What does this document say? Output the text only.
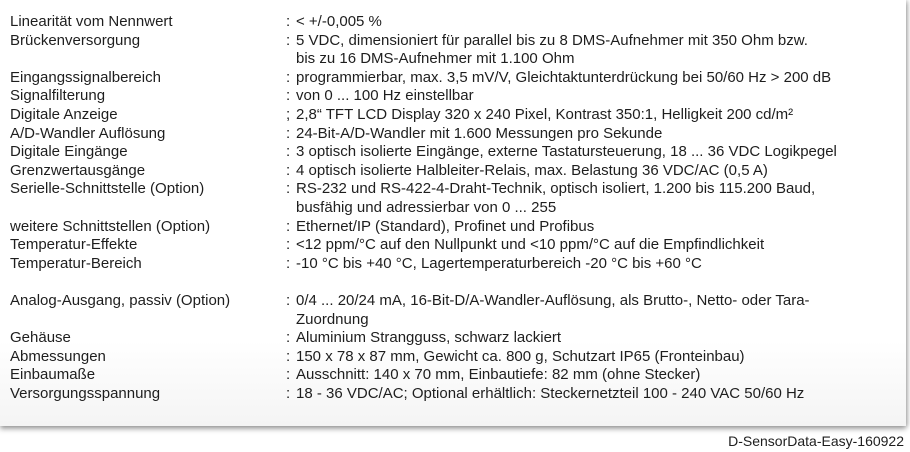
Linearität vom Nennwert	: < +/-0,005 %
Brückenversorgung	: 5 VDC, dimensioniert für parallel bis zu 8 DMS-Aufnehmer mit 350 Ohm bzw.
bis zu 16 DMS-Aufnehmer mit 1.100 Ohm
Eingangssignalbereich	: programmierbar, max. 3,5 mV/V, Gleichtaktunterdrückung bei 50/60 Hz > 200 dB
Signalfilterung	: von 0 ... 100 Hz einstellbar
Digitale Anzeige	; 2,8“ TFT LCD Display 320 x 240 Pixel, Kontrast 350:1, Helligkeit 200 cd/m²
A/D-Wandler Auflösung	: 24-Bit-A/D-Wandler mit 1.600 Messungen pro Sekunde
Digitale Eingänge	: 3 optisch isolierte Eingänge, externe Tastatursteuerung, 18 ... 36 VDC Logikpegel
Grenzwertausgänge	: 4 optisch isolierte Halbleiter-Relais, max. Belastung 36 VDC/AC (0,5 A)
Serielle-Schnittstelle (Option)	: RS-232 und RS-422-4-Draht-Technik, optisch isoliert, 1.200 bis 115.200 Baud,
busfähig und adressierbar von 0 ... 255
weitere Schnittstellen (Option)	: Ethernet/IP (Standard), Profinet und Profibus
Temperatur-Effekte	: <12 ppm/°C auf den Nullpunkt und <10 ppm/°C auf die Empfindlichkeit
Temperatur-Bereich	: -10 °C bis +40 °C, Lagertemperaturbereich -20 °C bis +60 °C
Analog-Ausgang, passiv (Option)	: 0/4 ... 20/24 mA, 16-Bit-D/A-Wandler-Auflösung, als Brutto-, Netto- oder Tara-
Zuordnung
Gehäuse	: Aluminium Strangguss, schwarz lackiert
Abmessungen	: 150 x 78 x 87 mm, Gewicht ca. 800 g, Schutzart IP65 (Fronteinbau)
Einbaumaße	: Ausschnitt: 140 x 70 mm, Einbautiefe: 82 mm (ohne Stecker)
Versorgungsspannung	: 18 - 36 VDC/AC; Optional erhältlich: Steckernetzteil 100 - 240 VAC 50/60 Hz
D-SensorData-Easy-160922
